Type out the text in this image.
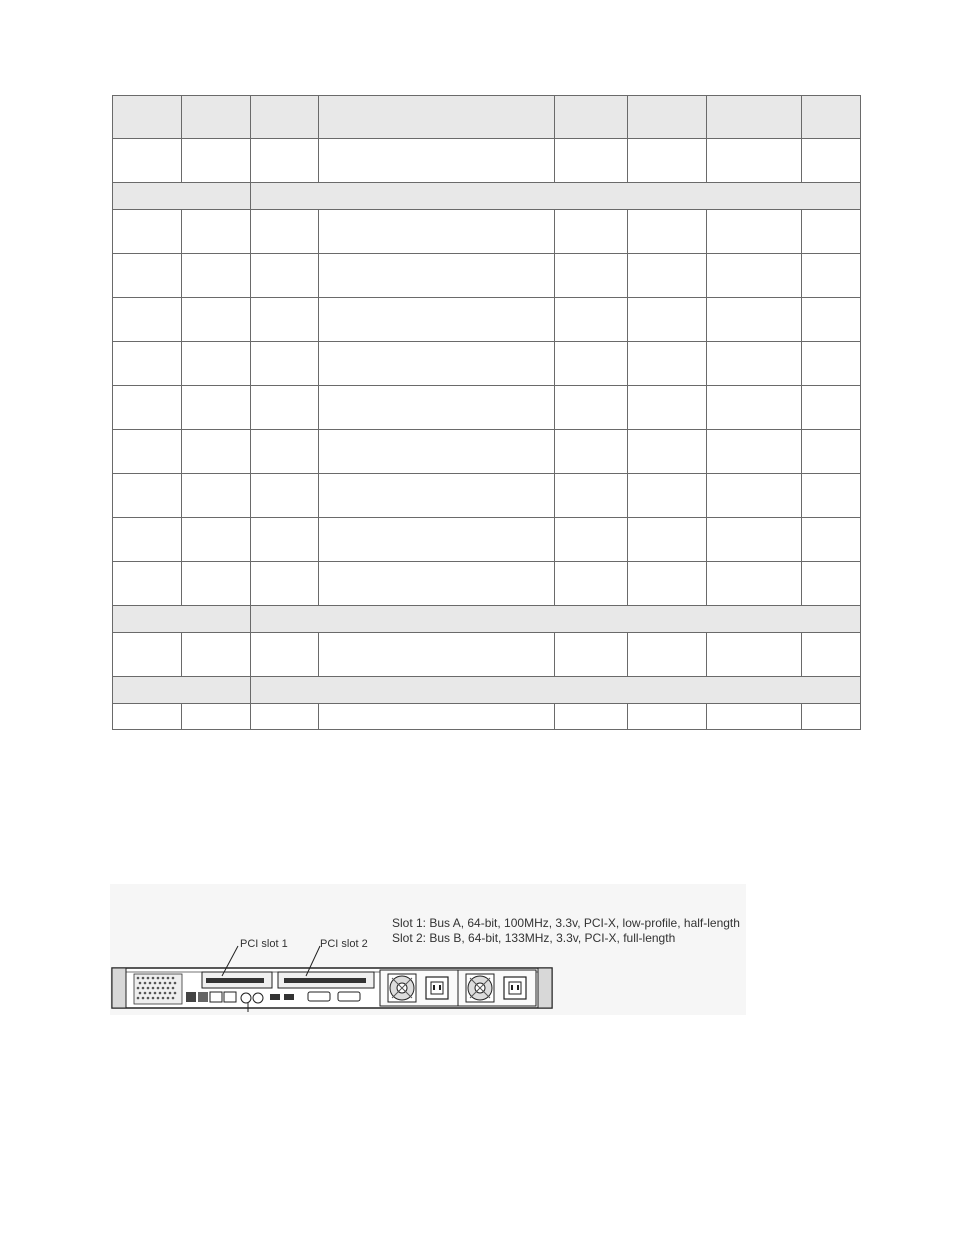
PCI slot 1	PCI slot 2
Slot 1: Bus A, 64-bit, 100MHz, 3.3v, PCI-X, low-profile, half-length
Slot 2: Bus B, 64-bit, 133MHz, 3.3v, PCI-X, full-length
